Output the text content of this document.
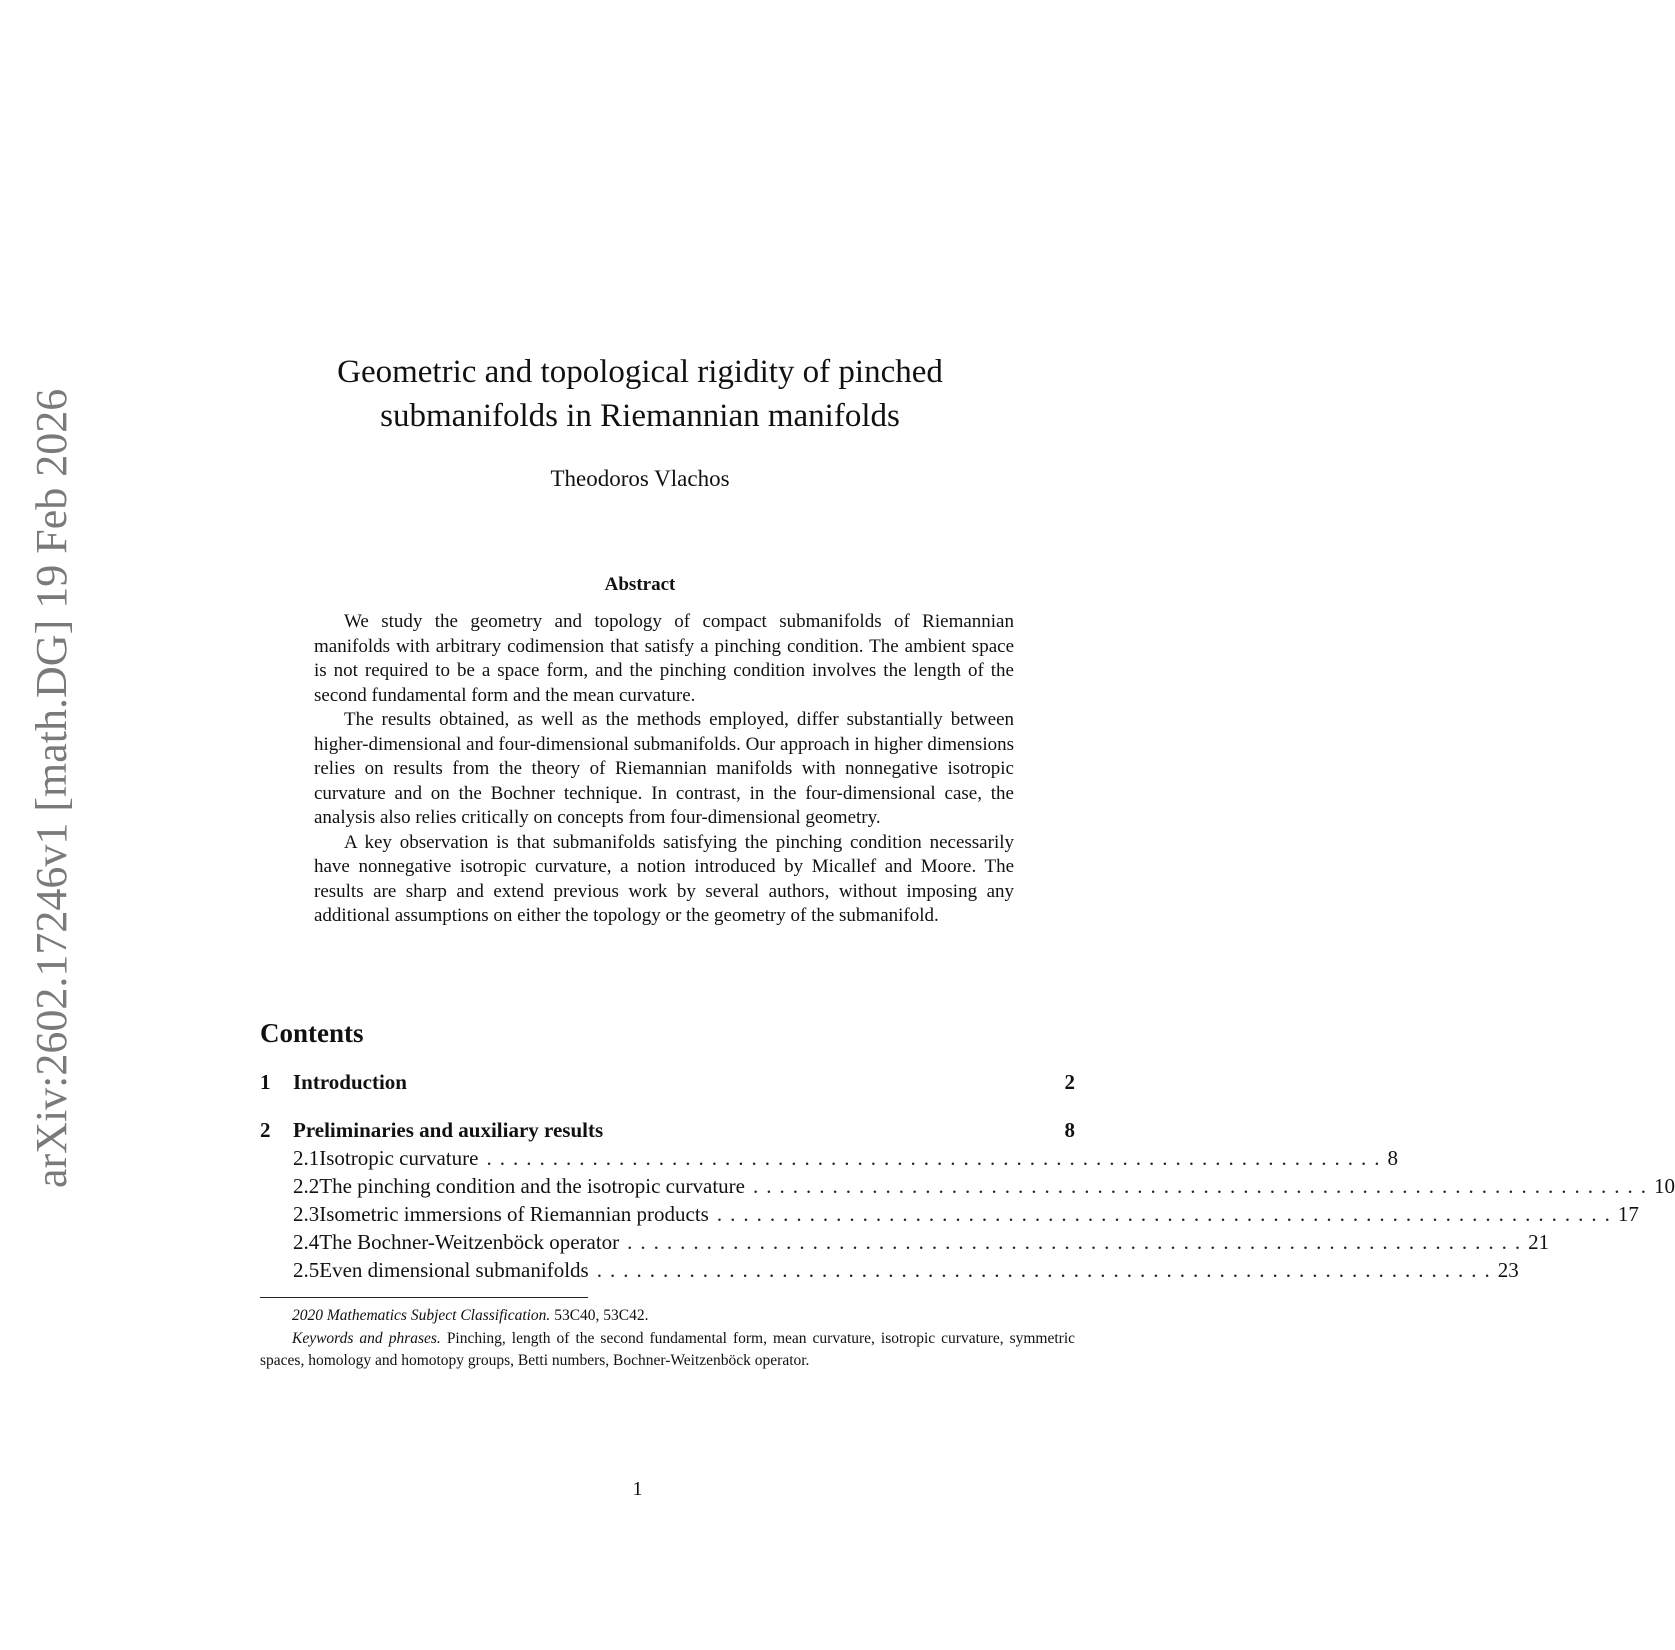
arXiv:2602.17246v1 [math.DG] 19 Feb 2026
Geometric and topological rigidity of pinched
submanifolds in Riemannian manifolds
Theodoros Vlachos
Abstract

We study the geometry and topology of compact submanifolds of Riemannian manifolds with arbitrary codimension that satisfy a pinching condition. The ambient space is not required to be a space form, and the pinching condition involves the length of the second fundamental form and the mean curvature.

The results obtained, as well as the methods employed, differ substantially between higher-dimensional and four-dimensional submanifolds. Our approach in higher dimensions relies on results from the theory of Riemannian manifolds with nonnegative isotropic curvature and on the Bochner technique. In contrast, in the four-dimensional case, the analysis also relies critically on concepts from four-dimensional geometry.

A key observation is that submanifolds satisfying the pinching condition necessarily have nonnegative isotropic curvature, a notion introduced by Micallef and Moore. The results are sharp and extend previous work by several authors, without imposing any additional assumptions on either the topology or the geometry of the submanifold.

Contents
1	Introduction	2
2	Preliminaries and auxiliary results	8
2.1 Isotropic curvature .................................................................... 8
2.2 The pinching condition and the isotropic curvature .................................................................... 10
2.3 Isometric immersions of Riemannian products .................................................................... 17
2.4 The Bochner-Weitzenböck operator .................................................................... 21
2.5 Even dimensional submanifolds .................................................................... 23

2020 Mathematics Subject Classification. 53C40, 53C42.

Keywords and phrases. Pinching, length of the second fundamental form, mean curvature, isotropic curvature, symmetric spaces, homology and homotopy groups, Betti numbers, Bochner-Weitzenböck operator.

1
